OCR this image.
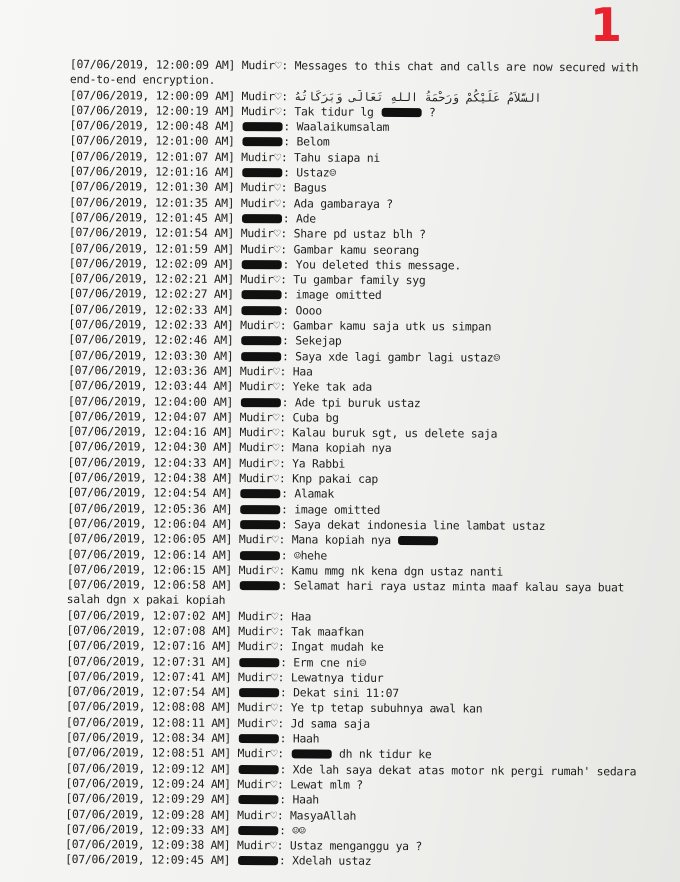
1
[07/06/2019, 12:00:09 AM] Mudir♡: Messages to this chat and calls are now secured with end-to-end encryption.
[07/06/2019, 12:00:09 AM] Mudir♡: السَّلاَمُ عَلَيْكُمْ وَرَحْمَةُ اللهِ تَعَالَى وَبَرَكَاتُهُ
[07/06/2019, 12:00:19 AM] Mudir♡: Tak tidur lg	?
[07/06/2019, 12:00:48 AM]	: Waalaikumsalam
[07/06/2019, 12:01:00 AM]	: Belom
[07/06/2019, 12:01:07 AM] Mudir♡: Tahu siapa ni
[07/06/2019, 12:01:16 AM]	: Ustaz☺
[07/06/2019, 12:01:30 AM] Mudir♡: Bagus
[07/06/2019, 12:01:35 AM] Mudir♡: Ada gambaraya ?
[07/06/2019, 12:01:45 AM]	: Ade
[07/06/2019, 12:01:54 AM] Mudir♡: Share pd ustaz blh ?
[07/06/2019, 12:01:59 AM] Mudir♡: Gambar kamu seorang
[07/06/2019, 12:02:09 AM]	: You deleted this message.
[07/06/2019, 12:02:21 AM] Mudir♡: Tu gambar family syg
[07/06/2019, 12:02:27 AM]	: image omitted
[07/06/2019, 12:02:33 AM]	: Oooo
[07/06/2019, 12:02:33 AM] Mudir♡: Gambar kamu saja utk us simpan
[07/06/2019, 12:02:46 AM]	: Sekejap
[07/06/2019, 12:03:30 AM]	: Saya xde lagi gambr lagi ustaz☺
[07/06/2019, 12:03:36 AM] Mudir♡: Haa
[07/06/2019, 12:03:44 AM] Mudir♡: Yeke tak ada
[07/06/2019, 12:04:00 AM]	: Ade tpi buruk ustaz
[07/06/2019, 12:04:07 AM] Mudir♡: Cuba bg
[07/06/2019, 12:04:16 AM] Mudir♡: Kalau buruk sgt, us delete saja
[07/06/2019, 12:04:30 AM] Mudir♡: Mana kopiah nya
[07/06/2019, 12:04:33 AM] Mudir♡: Ya Rabbi
[07/06/2019, 12:04:38 AM] Mudir♡: Knp pakai cap
[07/06/2019, 12:04:54 AM]	: Alamak
[07/06/2019, 12:05:36 AM]	: image omitted
[07/06/2019, 12:06:04 AM]	: Saya dekat indonesia line lambat ustaz
[07/06/2019, 12:06:05 AM] Mudir♡: Mana kopiah nya
[07/06/2019, 12:06:14 AM]	: ☺hehe
[07/06/2019, 12:06:15 AM] Mudir♡: Kamu mmg nk kena dgn ustaz nanti
[07/06/2019, 12:06:58 AM]	: Selamat hari raya ustaz minta maaf kalau saya buat salah dgn x pakai kopiah
[07/06/2019, 12:07:02 AM] Mudir♡: Haa
[07/06/2019, 12:07:08 AM] Mudir♡: Tak maafkan
[07/06/2019, 12:07:16 AM] Mudir♡: Ingat mudah ke
[07/06/2019, 12:07:31 AM]	: Erm cne ni☺
[07/06/2019, 12:07:41 AM] Mudir♡: Lewatnya tidur
[07/06/2019, 12:07:54 AM]	: Dekat sini 11:07
[07/06/2019, 12:08:08 AM] Mudir♡: Ye tp tetap subuhnya awal kan
[07/06/2019, 12:08:11 AM] Mudir♡: Jd sama saja
[07/06/2019, 12:08:34 AM]	: Haah
[07/06/2019, 12:08:51 AM] Mudir♡:	dh nk tidur ke
[07/06/2019, 12:09:12 AM]	: Xde lah saya dekat atas motor nk pergi rumah' sedara
[07/06/2019, 12:09:24 AM] Mudir♡: Lewat mlm ?
[07/06/2019, 12:09:29 AM]	: Haah
[07/06/2019, 12:09:28 AM] Mudir♡: MasyaAllah
[07/06/2019, 12:09:33 AM]	: ☺☺
[07/06/2019, 12:09:38 AM] Mudir♡: Ustaz menganggu ya ?
[07/06/2019, 12:09:45 AM]	: Xdelah ustaz
